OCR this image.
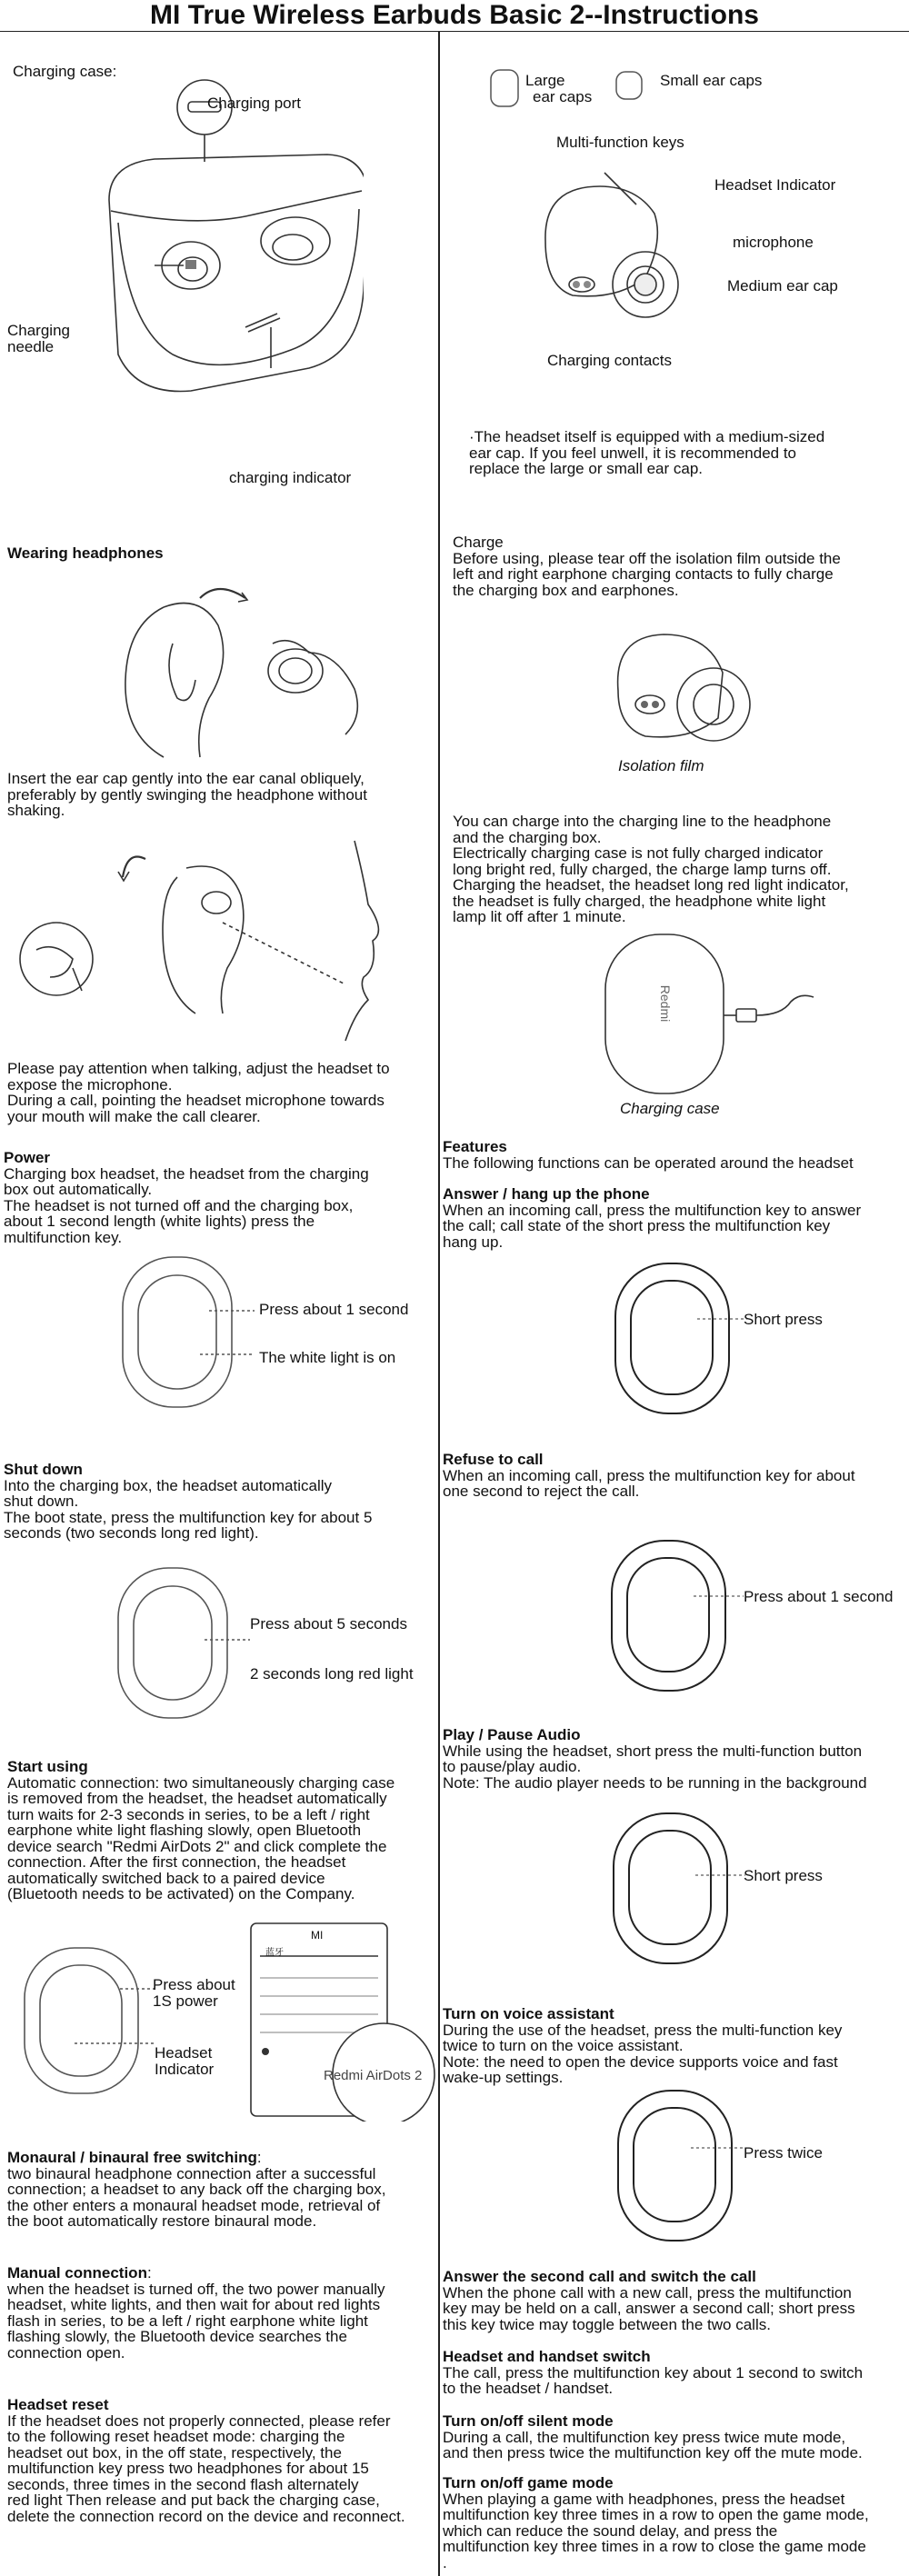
MI True Wireless Earbuds Basic 2--Instructions
Charging case:
Charging port
Charging
needle
charging indicator
Large
ear caps
Small ear caps
Multi-function keys
Headset Indicator
microphone
Medium ear cap
Charging contacts
·The headset itself is equipped with a medium-sized
ear cap. If you feel unwell, it is recommended to
replace the large or small ear cap.
Wearing headphones
Insert the ear cap gently into the ear canal obliquely,
preferably by gently swinging the headphone without
shaking.
Please pay attention when talking, adjust the headset to
expose the microphone.
During a call, pointing the headset microphone towards
your mouth will make the call clearer.
Charge
Before using, please tear off the isolation film outside the
left and right earphone charging contacts to fully charge
the charging box and earphones.
Isolation film
You can charge into the charging line to the headphone
and the charging box.
Electrically charging case is not fully charged indicator
long bright red, fully charged, the charge lamp turns off.
Charging the headset, the headset long red light indicator,
the headset is fully charged, the headphone white light
lamp lit off after 1 minute.
Redmi
Charging case
Power
Charging box headset, the headset from the charging
box out automatically.
The headset is not turned off and the charging box,
about 1 second length (white lights) press the
multifunction key.
Press about 1 second
The white light is on
Features
The following functions can be operated around the headset
Answer / hang up the phone
When an incoming call, press the multifunction key to answer
the call; call state of the short press the multifunction key
hang up.
Short press
Shut down
Into the charging box, the headset automatically
shut down.
The boot state, press the multifunction key for about 5
seconds (two seconds long red light).
Press about 5 seconds
2 seconds long red light
Refuse to call
When an incoming call, press the multifunction key for about
one second to reject the call.
Press about 1 second
Start using
Automatic connection: two simultaneously charging case
is removed from the headset, the headset automatically
turn waits for 2-3 seconds in series, to be a left / right
earphone white light flashing slowly, open Bluetooth
device search "Redmi AirDots 2" and click complete the
connection. After the first connection, the headset
automatically switched back to a paired device
(Bluetooth needs to be activated) on the Company.
Press about
1S power
Headset
Indicator
MI
蓝牙
Redmi AirDots 2
Play / Pause Audio
While using the headset, short press the multi-function button
to pause/play audio.
Note: The audio player needs to be running in the background
Short press
Turn on voice assistant
During the use of the headset, press the multi-function key
twice to turn on the voice assistant.
Note: the need to open the device supports voice and fast
wake-up settings.
Press twice
Monaural / binaural free switching:
two binaural headphone connection after a successful
connection; a headset to any back off the charging box,
the other enters a monaural headset mode, retrieval of
the boot automatically restore binaural mode.
Manual connection:
when the headset is turned off, the two power manually
headset, white lights, and then wait for about red lights
flash in series, to be a left / right earphone white light
flashing slowly, the Bluetooth device searches the
connection open.
Headset reset
If the headset does not properly connected, please refer
to the following reset headset mode: charging the
headset out box, in the off state, respectively, the
multifunction key press two headphones for about 15
seconds, three times in the second flash alternately
red light Then release and put back the charging case,
delete the connection record on the device and reconnect.
Answer the second call and switch the call
When the phone call with a new call, press the multifunction
key may be held on a call, answer a second call; short press
this key twice may toggle between the two calls.
Headset and handset switch
The call, press the multifunction key about 1 second to switch
to the headset / handset.
Turn on/off silent mode
During a call, the multifunction key press twice mute mode,
and then press twice the multifunction key off the mute mode.
Turn on/off game mode
When playing a game with headphones, press the headset
multifunction key three times in a row to open the game mode,
which can reduce the sound delay, and press the
multifunction key three times in a row to close the game mode
.
